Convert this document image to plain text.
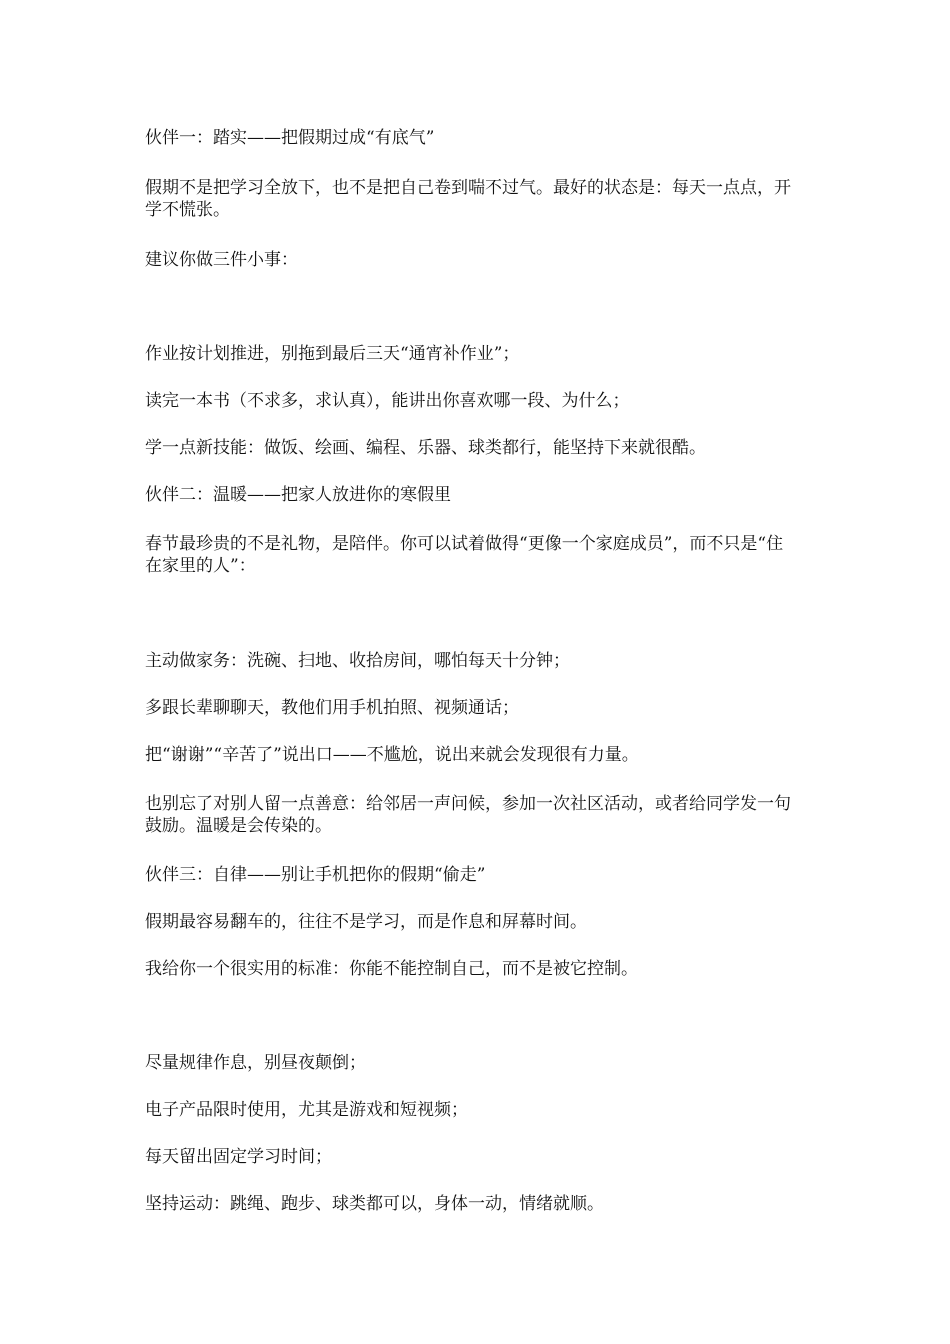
伙伴一：踏实——把假期过成“有底气”
假期不是把学习全放下，也不是把自己卷到喘不过气。最好的状态是：每天一点点，开学不慌张。
建议你做三件小事：
作业按计划推进，别拖到最后三天“通宵补作业”；
读完一本书（不求多，求认真），能讲出你喜欢哪一段、为什么；
学一点新技能：做饭、绘画、编程、乐器、球类都行，能坚持下来就很酷。
伙伴二：温暖——把家人放进你的寒假里
春节最珍贵的不是礼物，是陪伴。你可以试着做得“更像一个家庭成员”，而不只是“住在家里的人”：
主动做家务：洗碗、扫地、收拾房间，哪怕每天十分钟；
多跟长辈聊聊天，教他们用手机拍照、视频通话；
把“谢谢”“辛苦了”说出口——不尴尬，说出来就会发现很有力量。
也别忘了对别人留一点善意：给邻居一声问候，参加一次社区活动，或者给同学发一句鼓励。温暖是会传染的。
伙伴三：自律——别让手机把你的假期“偷走”
假期最容易翻车的，往往不是学习，而是作息和屏幕时间。
我给你一个很实用的标准：你能不能控制自己，而不是被它控制。
尽量规律作息，别昼夜颠倒；
电子产品限时使用，尤其是游戏和短视频；
每天留出固定学习时间；
坚持运动：跳绳、跑步、球类都可以，身体一动，情绪就顺。
